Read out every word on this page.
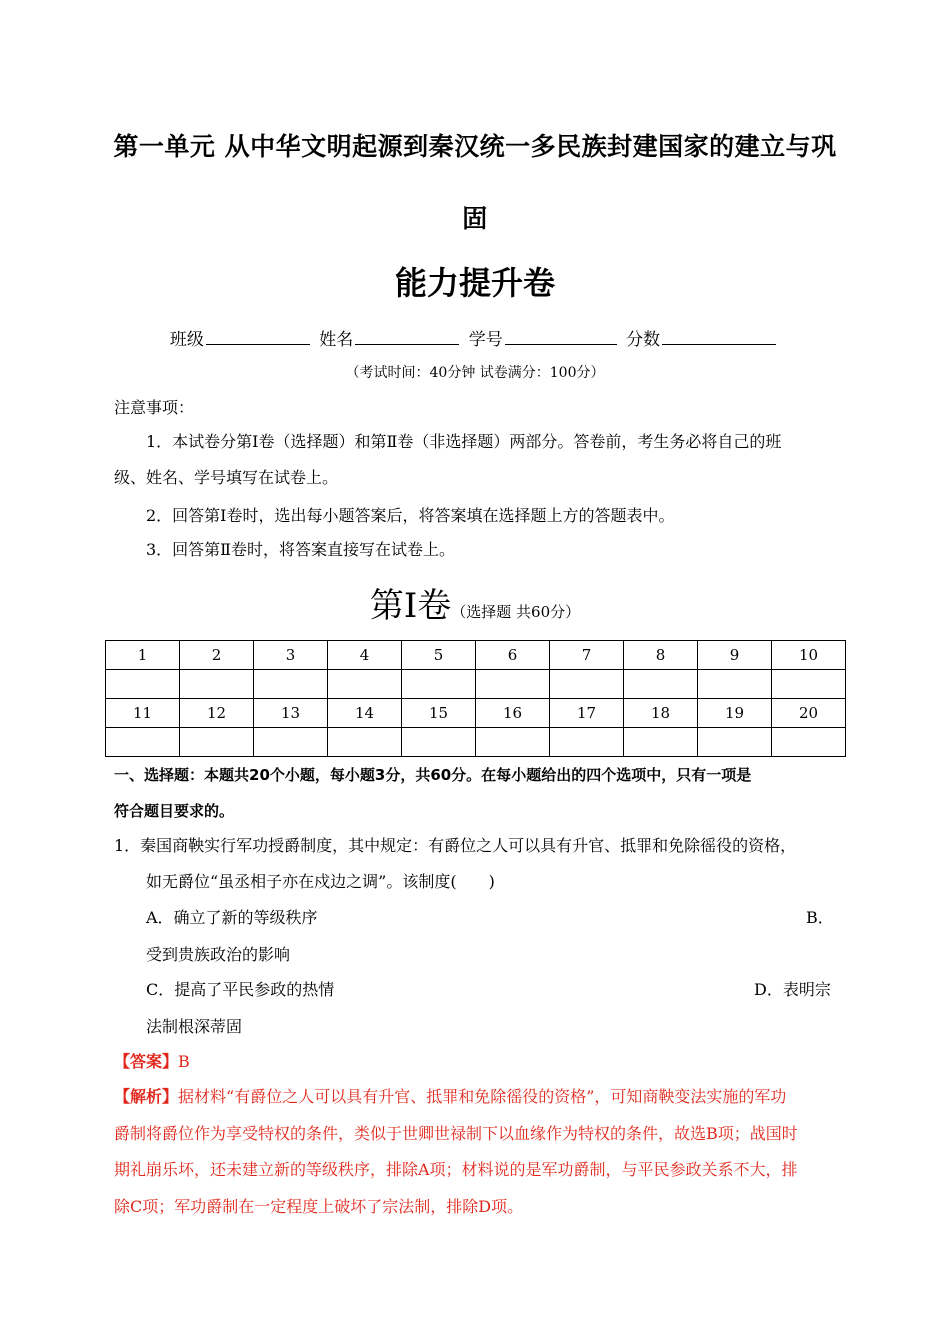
第一单元 从中华文明起源到秦汉统一多民族封建国家的建立与巩
固
能力提升卷
班级	姓名	学号	分数
（考试时间：40分钟 试卷满分：100分）
注意事项：
1．本试卷分第Ⅰ卷（选择题）和第Ⅱ卷（非选择题）两部分。答卷前，考生务必将自己的班
级、姓名、学号填写在试卷上。
2．回答第Ⅰ卷时，选出每小题答案后，将答案填在选择题上方的答题表中。
3．回答第Ⅱ卷时，将答案直接写在试卷上。
第Ⅰ卷（选择题 共60分）
1	2	3	4	5	6	7	8	9	10

11	12	13	14	15	16	17	18	19	20

一、选择题：本题共20个小题，每小题3分，共60分。在每小题给出的四个选项中，只有一项是
符合题目要求的。
1．秦国商鞅实行军功授爵制度，其中规定：有爵位之人可以具有升官、抵罪和免除徭役的资格，
如无爵位“虽丞相子亦在戍边之调”。该制度(　　)
A．确立了新的等级秩序	B．
受到贵族政治的影响
C．提高了平民参政的热情	D．表明宗
法制根深蒂固
【答案】B
【解析】据材料“有爵位之人可以具有升官、抵罪和免除徭役的资格”，可知商鞅变法实施的军功
爵制将爵位作为享受特权的条件，类似于世卿世禄制下以血缘作为特权的条件，故选B项；战国时
期礼崩乐坏，还未建立新的等级秩序，排除A项；材料说的是军功爵制，与平民参政关系不大，排
除C项；军功爵制在一定程度上破坏了宗法制，排除D项。
